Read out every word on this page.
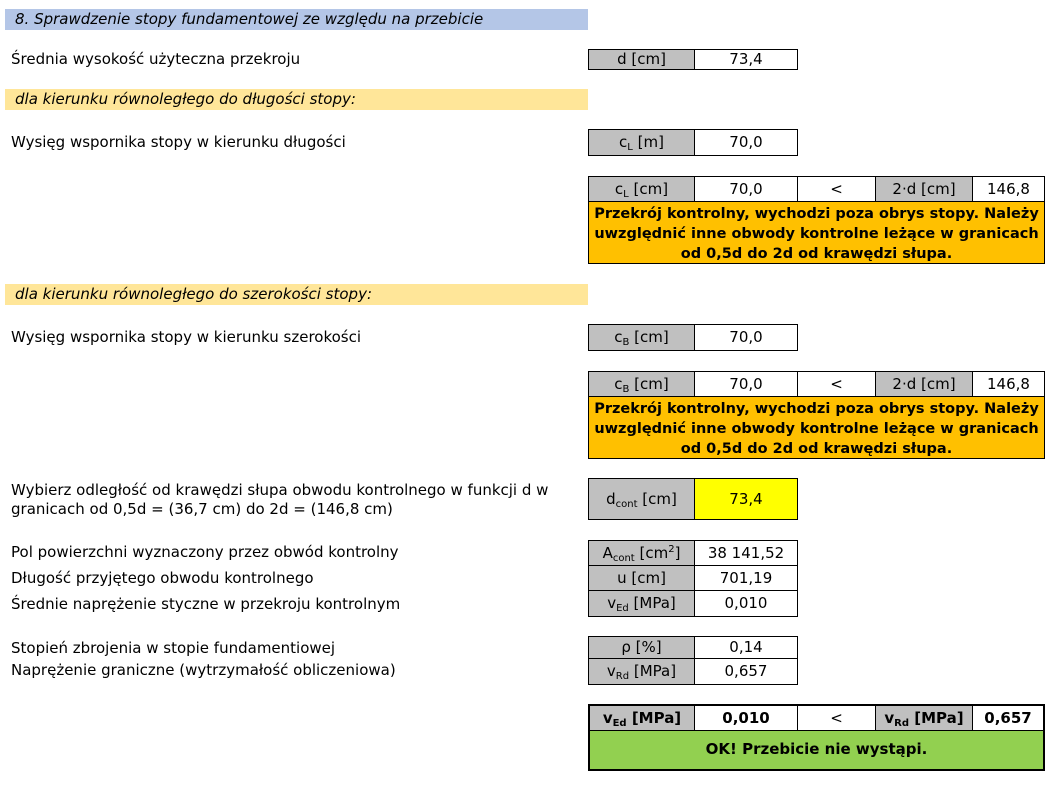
8. Sprawdzenie stopy fundamentowej ze względu na przebicie
Średnia wysokość użyteczna przekroju	d [cm]	73,4
dla kierunku równoległego do długości stopy:
Wysięg wspornika stopy w kierunku długości	$c_L$ [m]	70,0
$c_L$ [cm]	70,0	<	2·d [cm]	146,8
Przekrój kontrolny, wychodzi poza obrys stopy. Należy uwzględnić inne obwody kontrolne leżące w granicach od 0,5d do 2d od krawędzi słupa.
dla kierunku równoległego do szerokości stopy:
Wysięg wspornika stopy w kierunku szerokości	$c_B$ [cm]	70,0
$c_B$ [cm]	70,0	<	2·d [cm]	146,8
Przekrój kontrolny, wychodzi poza obrys stopy. Należy uwzględnić inne obwody kontrolne leżące w granicach od 0,5d do 2d od krawędzi słupa.
Wybierz odległość od krawędzi słupa obwodu kontrolnego w funkcji d w
granicach od 0,5d = (36,7 cm) do 2d = (146,8 cm)
$d_{cont}$ [cm]	73,4
Pol powierzchni wyznaczony przez obwód kontrolny	$A_{cont}$ $[cm^2]$	38 141,52
Długość przyjętego obwodu kontrolnego	u [cm]	701,19
Średnie naprężenie styczne w przekroju kontrolnym	$v_{Ed}$ [MPa]	0,010
Stopień zbrojenia w stopie fundamentiowej	ρ [%]	0,14
Naprężenie graniczne (wytrzymałość obliczeniowa)	$v_{Rd}$ [MPa]	0,657
$v_{Ed}$ [MPa]	0,010	<	$v_{Rd}$ [MPa]	0,657
OK! Przebicie nie wystąpi.
